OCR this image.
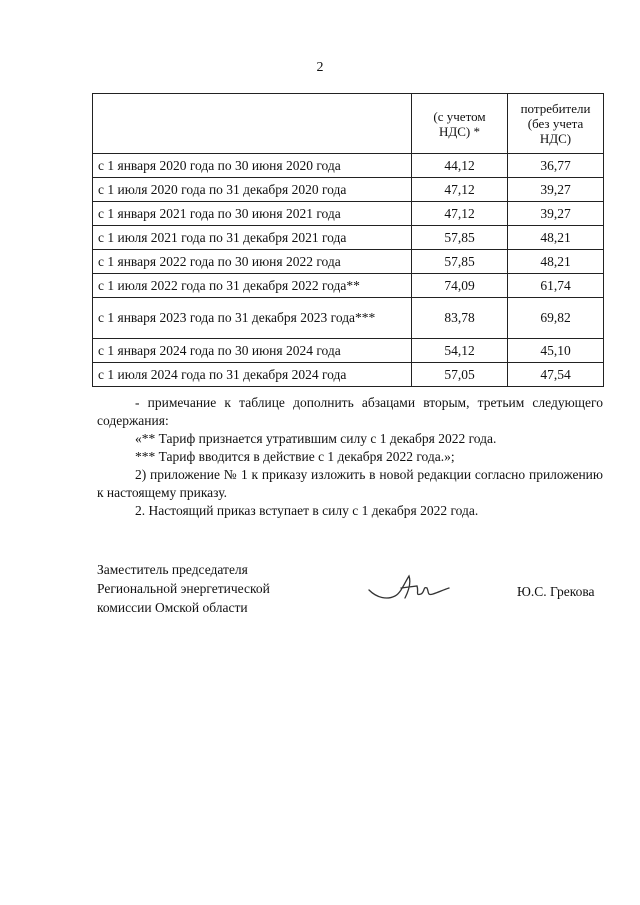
2
	(с учетом НДС) *	потребители (без учета НДС)
с 1 января 2020 года по 30 июня 2020 года	44,12	36,77
с 1 июля 2020 года по 31 декабря 2020 года	47,12	39,27
с 1 января 2021 года по 30 июня 2021 года	47,12	39,27
с 1 июля 2021 года по 31 декабря 2021 года	57,85	48,21
с 1 января 2022 года по 30 июня 2022 года	57,85	48,21
с 1 июля 2022 года по 31 декабря 2022 года**	74,09	61,74
с 1 января 2023 года по 31 декабря 2023 года***	83,78	69,82
с 1 января 2024 года по 30 июня 2024 года	54,12	45,10
с 1 июля 2024 года по 31 декабря 2024 года	57,05	47,54

- примечание к таблице дополнить абзацами вторым, третьим следующего содержания:

«** Тариф признается утратившим силу с 1 декабря 2022 года.

*** Тариф вводится в действие с 1 декабря 2022 года.»;

2) приложение № 1 к приказу изложить в новой редакции согласно приложению к настоящему приказу.

2. Настоящий приказ вступает в силу с 1 декабря 2022 года.

Заместитель председателя
Региональной энергетической
комиссии Омской области
Ю.С. Грекова
